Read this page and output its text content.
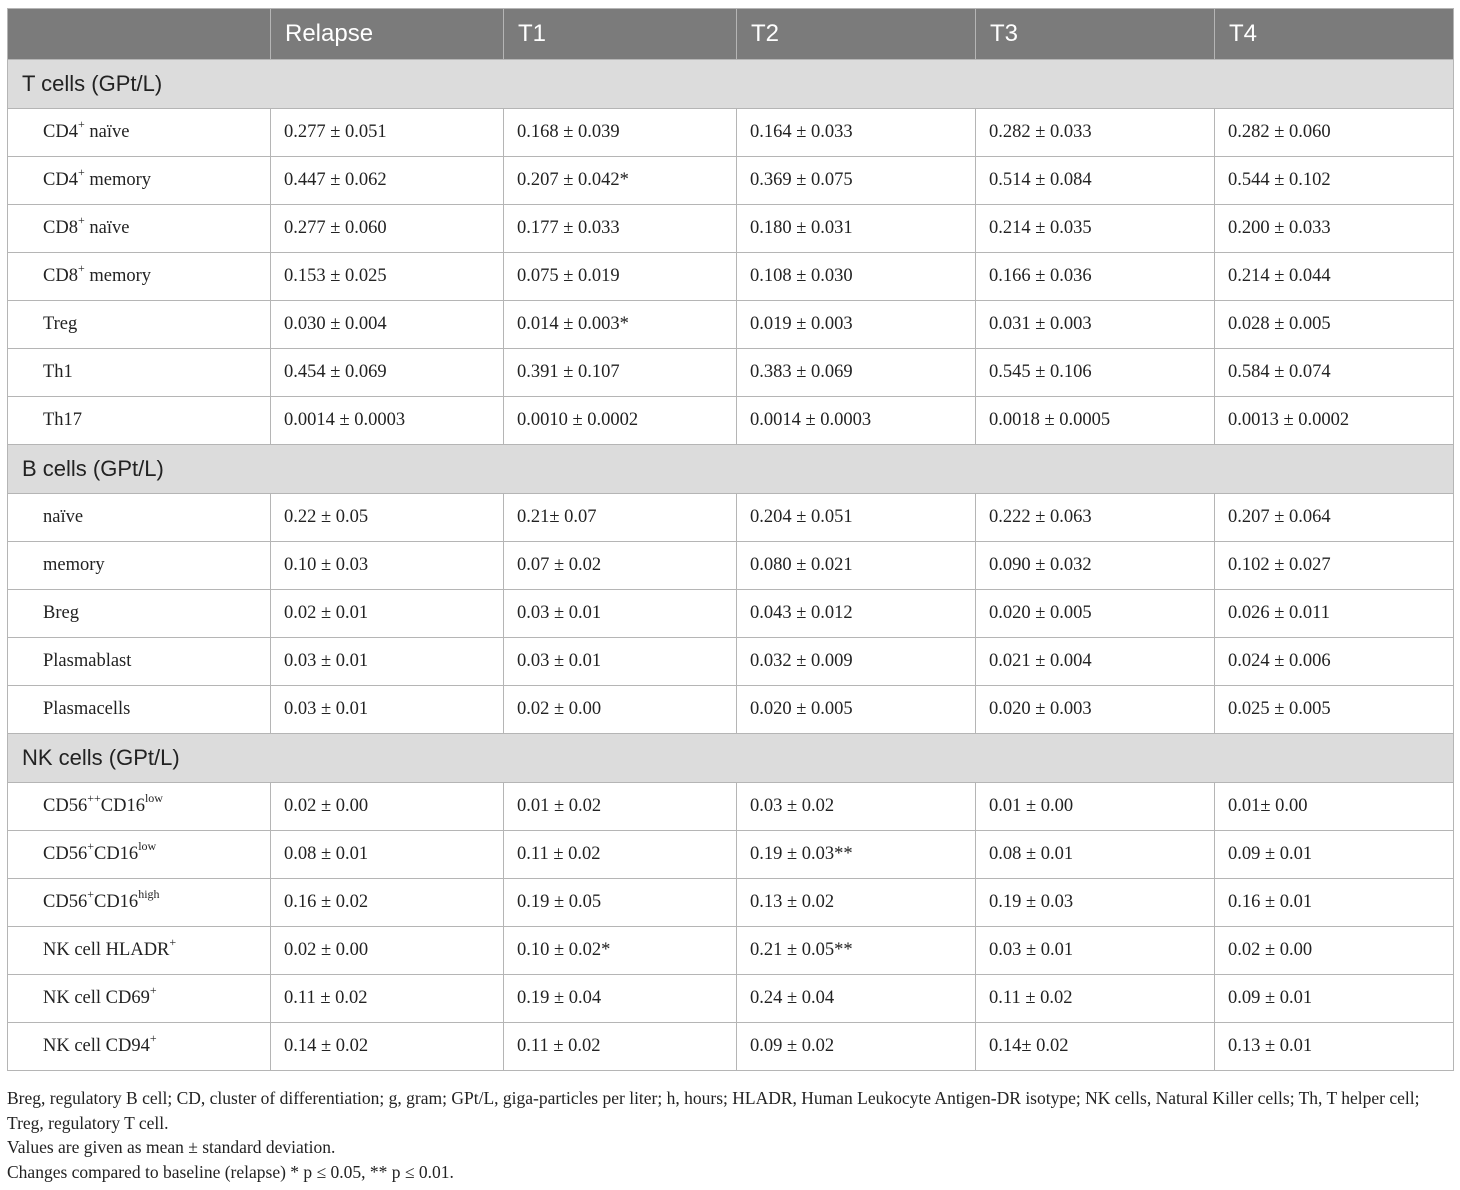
	Relapse	T1	T2	T3	T4
T cells (GPt/L)					
CD4+ naïve	0.277 ± 0.051	0.168 ± 0.039	0.164 ± 0.033	0.282 ± 0.033	0.282 ± 0.060
CD4+ memory	0.447 ± 0.062	0.207 ± 0.042*	0.369 ± 0.075	0.514 ± 0.084	0.544 ± 0.102
CD8+ naïve	0.277 ± 0.060	0.177 ± 0.033	0.180 ± 0.031	0.214 ± 0.035	0.200 ± 0.033
CD8+ memory	0.153 ± 0.025	0.075 ± 0.019	0.108 ± 0.030	0.166 ± 0.036	0.214 ± 0.044
Treg	0.030 ± 0.004	0.014 ± 0.003*	0.019 ± 0.003	0.031 ± 0.003	0.028 ± 0.005
Th1	0.454 ± 0.069	0.391 ± 0.107	0.383 ± 0.069	0.545 ± 0.106	0.584 ± 0.074
Th17	0.0014 ± 0.0003	0.0010 ± 0.0002	0.0014 ± 0.0003	0.0018 ± 0.0005	0.0013 ± 0.0002
B cells (GPt/L)					
naïve	0.22 ± 0.05	0.21± 0.07	0.204 ± 0.051	0.222 ± 0.063	0.207 ± 0.064
memory	0.10 ± 0.03	0.07 ± 0.02	0.080 ± 0.021	0.090 ± 0.032	0.102 ± 0.027
Breg	0.02 ± 0.01	0.03 ± 0.01	0.043 ± 0.012	0.020 ± 0.005	0.026 ± 0.011
Plasmablast	0.03 ± 0.01	0.03 ± 0.01	0.032 ± 0.009	0.021 ± 0.004	0.024 ± 0.006
Plasmacells	0.03 ± 0.01	0.02 ± 0.00	0.020 ± 0.005	0.020 ± 0.003	0.025 ± 0.005
NK cells (GPt/L)					
$CD56^{++}CD16^{low}$	0.02 ± 0.00	0.01 ± 0.02	0.03 ± 0.02	0.01 ± 0.00	0.01± 0.00
$CD56^+CD16^{low}$	0.08 ± 0.01	0.11 ± 0.02	0.19 ± 0.03**	0.08 ± 0.01	0.09 ± 0.01
$CD56^+CD16^{high}$	0.16 ± 0.02	0.19 ± 0.05	0.13 ± 0.02	0.19 ± 0.03	0.16 ± 0.01
NK cell HLADR+	0.02 ± 0.00	0.10 ± 0.02*	0.21 ± 0.05**	0.03 ± 0.01	0.02 ± 0.00
NK cell CD69+	0.11 ± 0.02	0.19 ± 0.04	0.24 ± 0.04	0.11 ± 0.02	0.09 ± 0.01
NK cell CD94+	0.14 ± 0.02	0.11 ± 0.02	0.09 ± 0.02	0.14± 0.02	0.13 ± 0.01

Breg, regulatory B cell; CD, cluster of differentiation; g, gram; GPt/L, giga-particles per liter; h, hours; HLADR, Human Leukocyte Antigen-DR isotype; NK cells, Natural Killer cells; Th, T helper cell; Treg, regulatory T cell.

Values are given as mean ± standard deviation.

Changes compared to baseline (relapse) * p ≤ 0.05, ** p ≤ 0.01.
